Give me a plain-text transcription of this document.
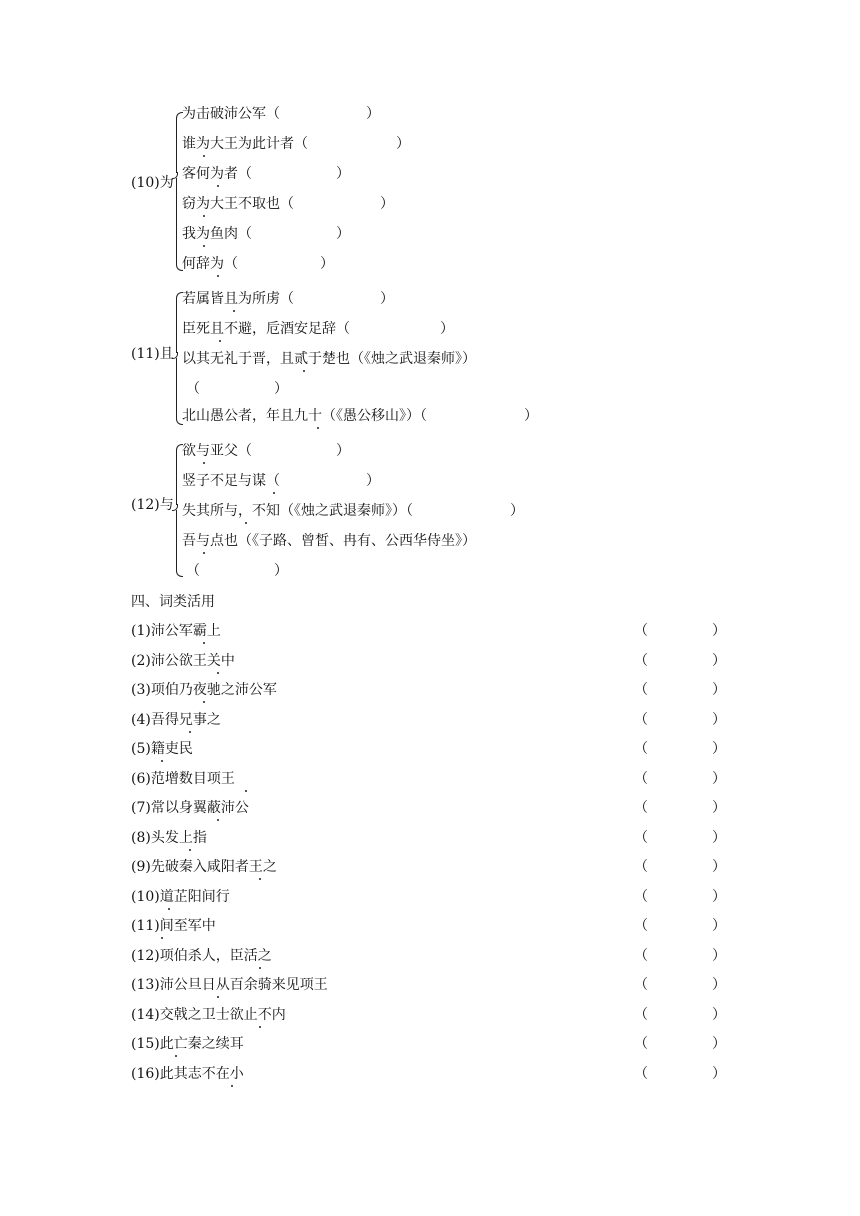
(10)为
为击破沛公军（	）
谁为大王为此计者（	）
客何为者（	）
窃为大王不取也（	）
我为鱼肉（	）
何辞为（	）
(11)且
若属皆且为所虏（	）
臣死且不避，卮酒安足辞（	）
以其无礼于晋，且贰于楚也（《烛之武退秦师》）
（	）
北山愚公者，年且九十（《愚公移山》）（	）
(12)与
欲与亚父（	）
竖子不足与谋（	）
失其所与，不知（《烛之武退秦师》）（	）
吾与点也（《子路、曾皙、冉有、公西华侍坐》）
（	）
四、词类活用
(1)沛公军霸上	（	）
(2)沛公欲王关中	（	）
(3)项伯乃夜驰之沛公军	（	）
(4)吾得兄事之	（	）
(5)籍吏民	（	）
(6)范增数目项王	（	）
(7)常以身翼蔽沛公	（	）
(8)头发上指	（	）
(9)先破秦入咸阳者王之	（	）
(10)道芷阳间行	（	）
(11)间至军中	（	）
(12)项伯杀人，臣活之	（	）
(13)沛公旦日从百余骑来见项王	（	）
(14)交戟之卫士欲止不内	（	）
(15)此亡秦之续耳	（	）
(16)此其志不在小	（	）
